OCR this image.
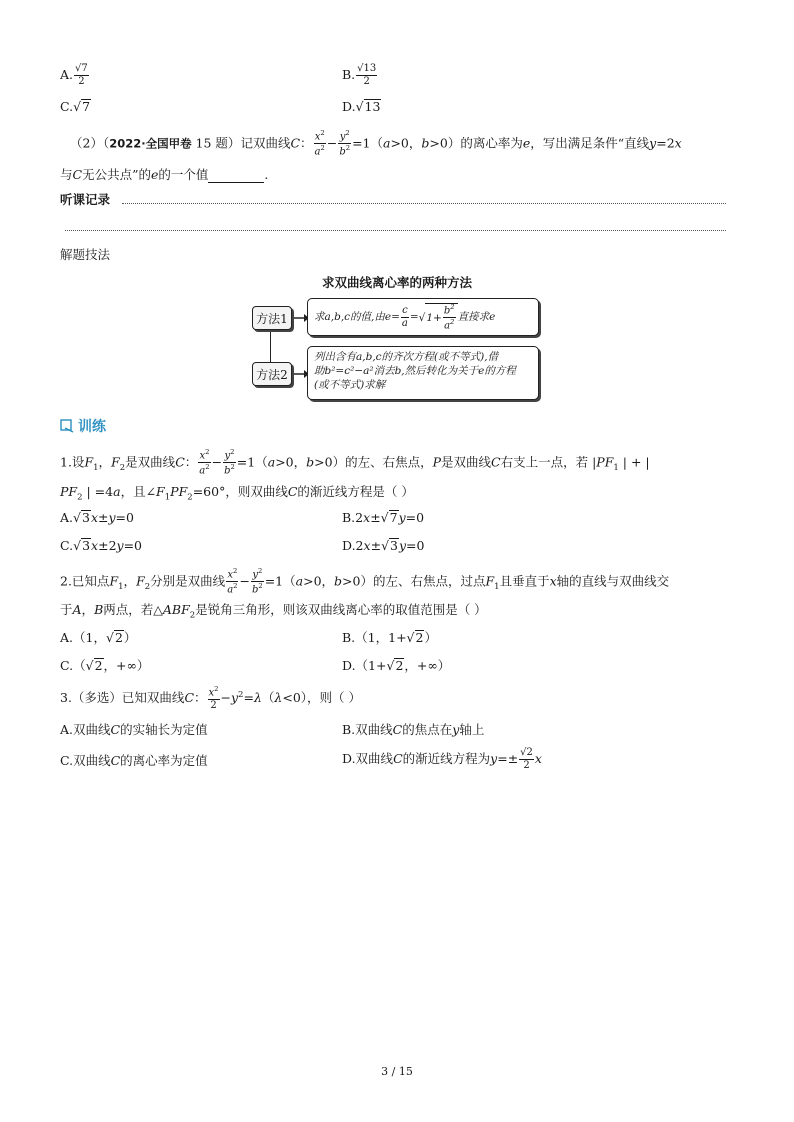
A. $\frac{√7}{2}$	B. $\frac{√13}{2}$
C.√7	D.√13
（2）（2022·全国甲卷 15 题）记双曲线C： $\frac{x^2}{a^2} - \frac{y^2}{b^2} =1(a>0$，b>0）的离心率为e，写出满足条件“直线y=2x
与C无公共点”的e的一个值	.
听课记录
解题技法
求双曲线离心率的两种方法
方法1
方法2
求a,b,c的值,由$e= \frac{c}{a} = √1+ \frac{b^2}{a^2}$ 直接求e
列出含有a,b,c的齐次方程(或不等式),借
助b²=c²−a²消去b,然后转化为关于e的方程
(或不等式)求解
训练
1.设$F_1$，$F_2$是双曲线C： $\frac{x^2}{a^2} - \frac{y^2}{b^2} =1(a>0$，b>0）的左、右焦点，P是双曲线C右支上一点，若 $|PF_1$ | + |
$PF_2$ | =4a，且$\angle F_1PF_2=60^\circ$，则双曲线C的渐近线方程是（ ）
A.√3x±y=0	B.2x±√7y=0
C.√3x±2y=0	D.2x±√3y=0
2.已知点$F_1$，$F_2$分别是双曲线 $\frac{x^2}{a^2} - \frac{y^2}{b^2} =1(a>0$，b>0）的左、右焦点，过点$F_1$且垂直于x轴的直线与双曲线交
于A，B两点，若$\triangle ABF_2$是锐角三角形，则该双曲线离心率的取值范围是（ ）
A.（1，√2）	B.（1，1+√2）
C.（√2，+∞）	D.（1+√2，+∞）
3.（多选）已知双曲线C： $\frac{x^2}{2} -y^2=\lambda(\lambda<0)$，则（ ）
A.双曲线C的实轴长为定值	B.双曲线C的焦点在y轴上
C.双曲线C的离心率为定值	D.双曲线C的渐近线方程为$y=\pm \frac{√2}{2}$ x
3 / 15
